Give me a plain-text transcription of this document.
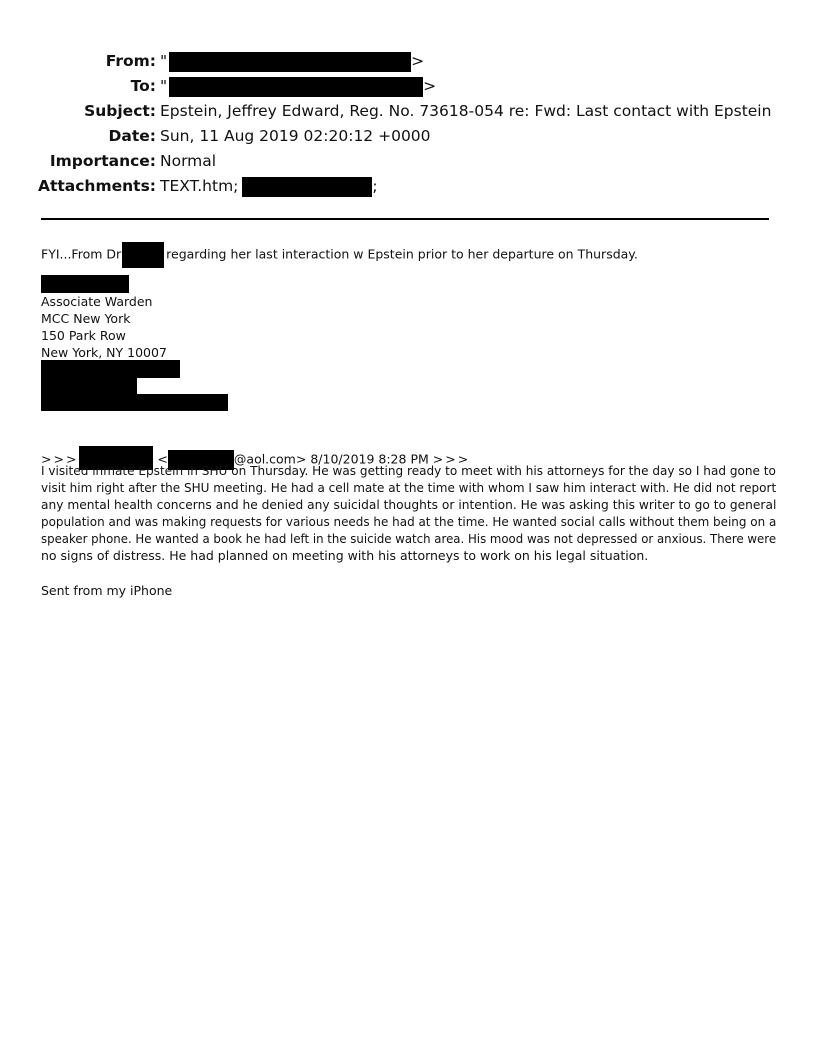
From: "	>
To: "	>
Subject: Epstein, Jeffrey Edward, Reg. No. 73618-054 re: Fwd: Last contact with Epstein
Date: Sun, 11 Aug 2019 02:20:12 +0000
Importance: Normal
Attachments: TEXT.htm;	;
FYI...From Dr	regarding her last interaction w Epstein prior to her departure on Thursday.
Associate Warden
MCC New York
150 Park Row
New York, NY 10007
>>>	<	@aol.com> 8/10/2019 8:28 PM >>>
I visited inmate Epstein in SHU on Thursday. He was getting ready to meet with his attorneys for the day so I had gone to
visit him right after the SHU meeting. He had a cell mate at the time with whom I saw him interact with. He did not report
any mental health concerns and he denied any suicidal thoughts or intention. He was asking this writer to go to general
population and was making requests for various needs he had at the time. He wanted social calls without them being on a
speaker phone. He wanted a book he had left in the suicide watch area. His mood was not depressed or anxious. There were
no signs of distress. He had planned on meeting with his attorneys to work on his legal situation.
Sent from my iPhone
